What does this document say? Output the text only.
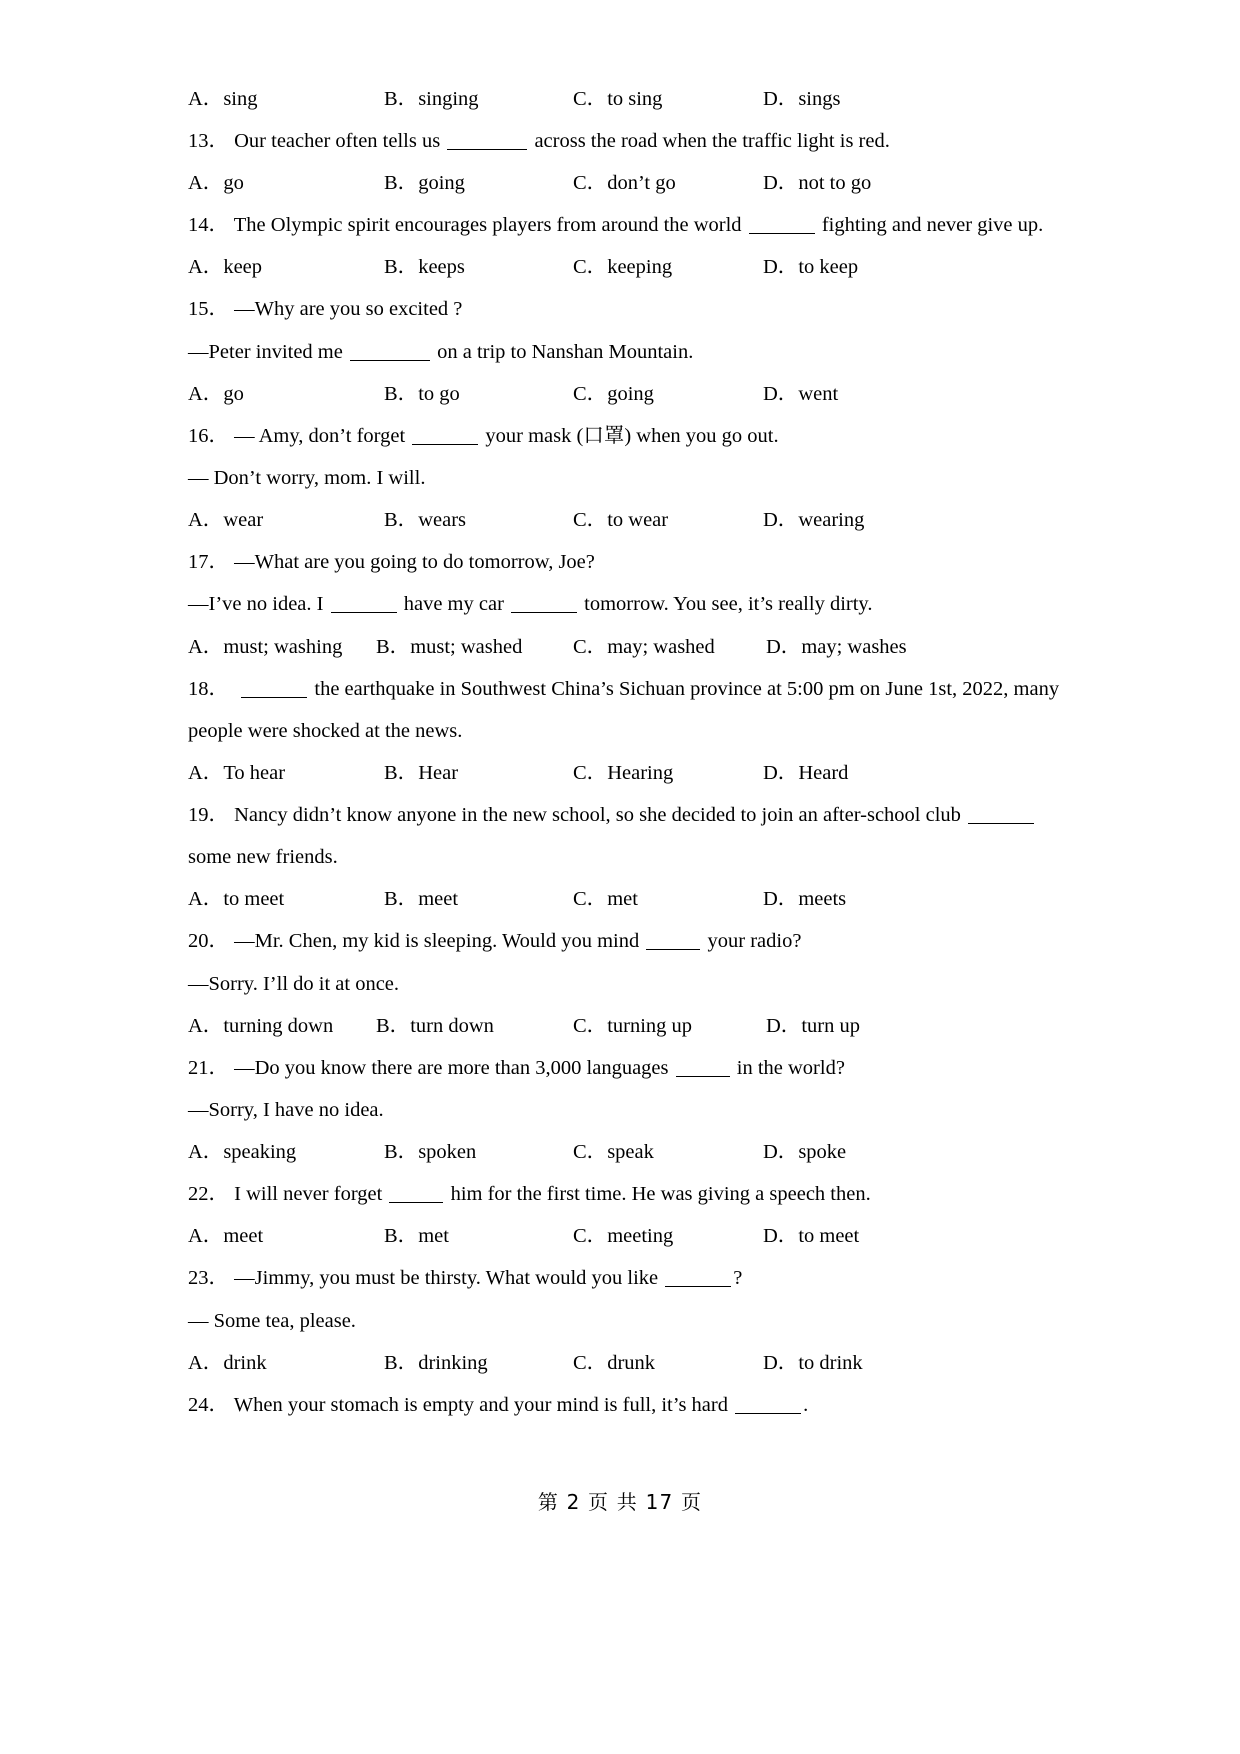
A．sing	B．singing	C．to sing	D．sings
13． Our teacher often tells us	across the road when the traffic light is red.
A．go	B．going	C．don’t go	D．not to go
14． The Olympic spirit encourages players from around the world	fighting and never give up.
A．keep	B．keeps	C．keeping	D．to keep
15． —Why are you so excited ?
—Peter invited me	on a trip to Nanshan Mountain.
A．go	B．to go	C．going	D．went
16． — Amy, don’t forget	your mask (口罩) when you go out.
— Don’t worry, mom. I will.
A．wear	B．wears	C．to wear	D．wearing
17． —What are you going to do tomorrow, Joe?
—I’ve no idea. I	have my car	tomorrow. You see, it’s really dirty.
A．must; washing B．must; washed C．may; washed D．may; washes
18．	the earthquake in Southwest China’s Sichuan province at 5:00 pm on June 1st, 2022, many people were shocked at the news.
A．To hear	B．Hear	C．Hearing	D．Heard
19． Nancy didn’t know anyone in the new school, so she decided to join an after-school club	some new friends.
A．to meet	B．meet	C．met	D．meets
20． —Mr. Chen, my kid is sleeping. Would you mind	your radio?
—Sorry. I’ll do it at once.
A．turning down B．turn down	C．turning up	D．turn up
21． —Do you know there are more than 3,000 languages	in the world?
—Sorry, I have no idea.
A．speaking	B．spoken	C．speak	D．spoke
22． I will never forget	him for the first time. He was giving a speech then.
A．meet	B．met	C．meeting	D．to meet
23． —Jimmy, you must be thirsty. What would you like	?
— Some tea, please.
A．drink	B．drinking	C．drunk	D．to drink
24． When your stomach is empty and your mind is full, it’s hard	.
第 2 页 共 17 页
